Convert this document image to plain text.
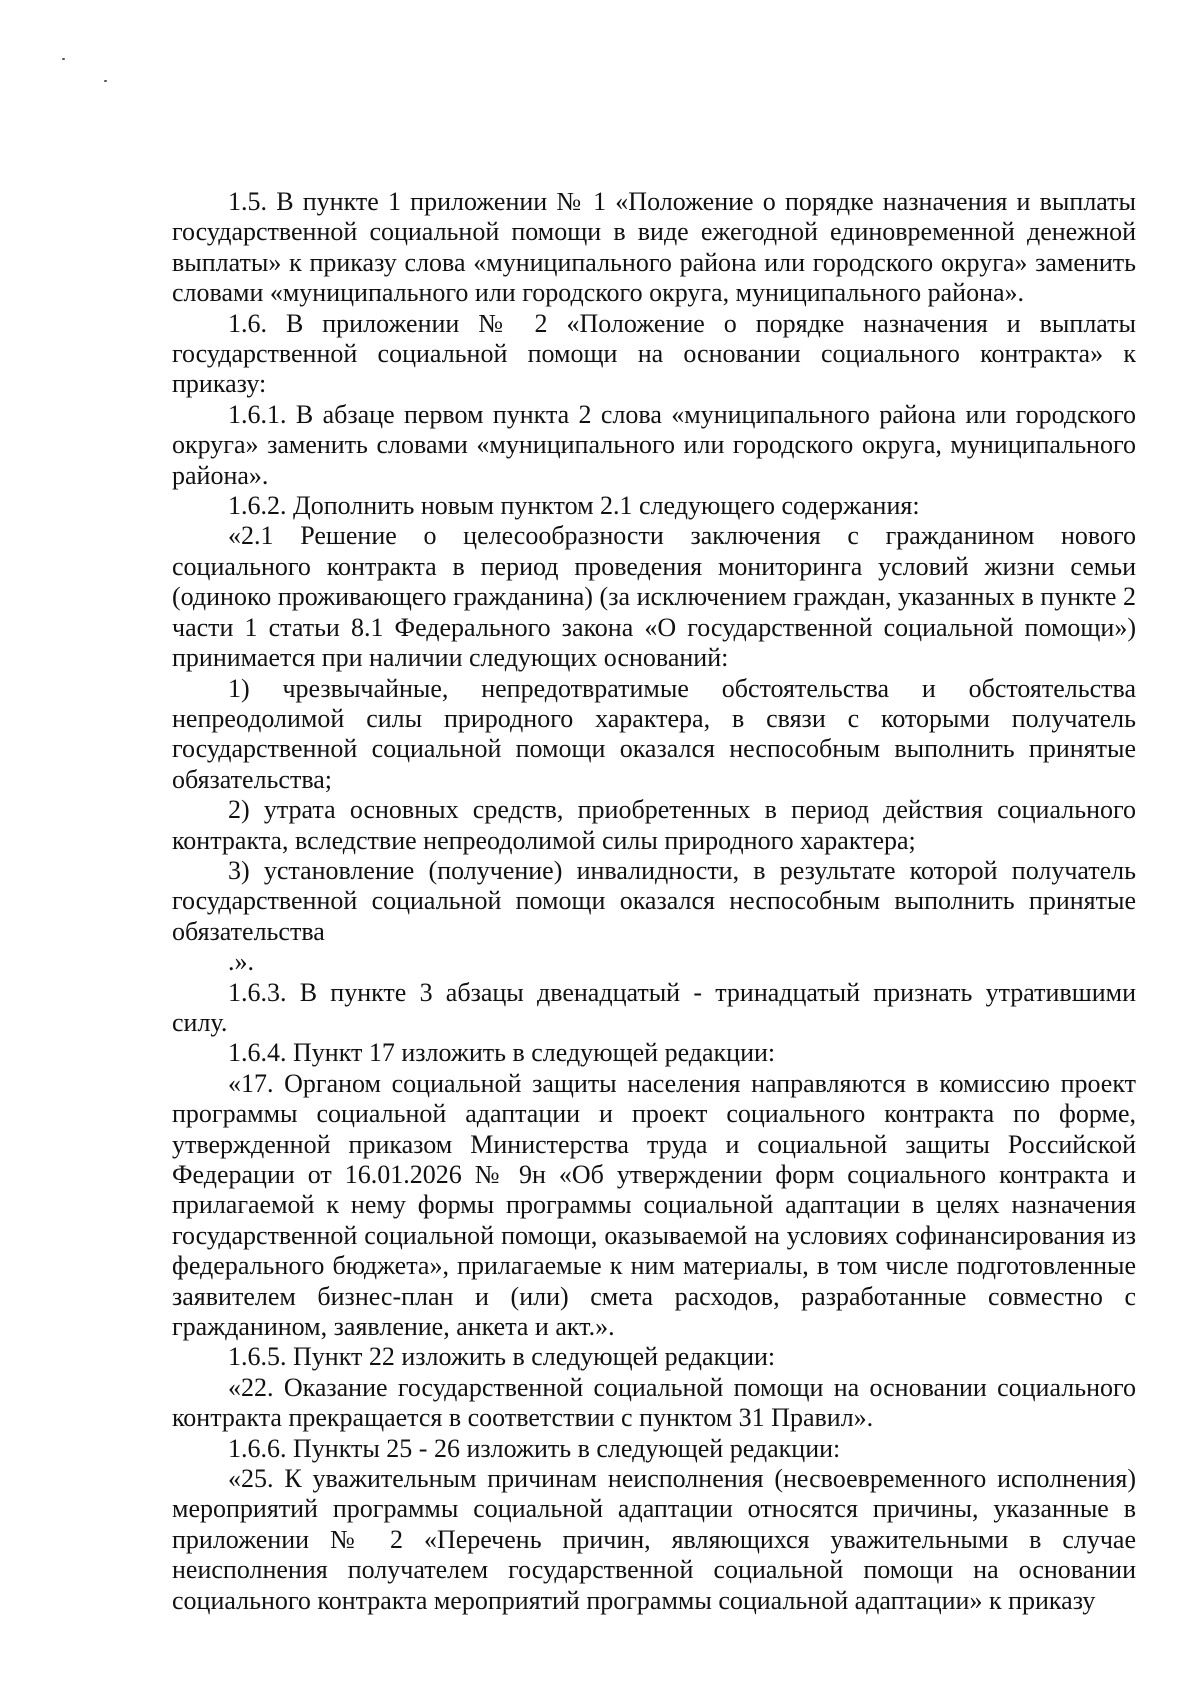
1.5. В пункте 1 приложении № 1 «Положение о порядке назначения и выплаты государственной социальной помощи в виде ежегодной единовременной денежной выплаты» к приказу слова «муниципального района или городского округа» заменить словами «муниципального или городского округа, муниципального района».

1.6. В приложении № 2 «Положение о порядке назначения и выплаты государственной социальной помощи на основании социального контракта» к приказу:

1.6.1. В абзаце первом пункта 2 слова «муниципального района или городского округа» заменить словами «муниципального или городского округа, муниципального района».

1.6.2. Дополнить новым пунктом 2.1 следующего содержания:

«2.1 Решение о целесообразности заключения с гражданином нового социального контракта в период проведения мониторинга условий жизни семьи (одиноко проживающего гражданина) (за исключением граждан, указанных в пункте 2 части 1 статьи 8.1 Федерального закона «О государственной социальной помощи») принимается при наличии следующих оснований:

1) чрезвычайные, непредотвратимые обстоятельства и обстоятельства непреодолимой силы природного характера, в связи с которыми получатель государственной социальной помощи оказался неспособным выполнить принятые обязательства;

2) утрата основных средств, приобретенных в период действия социального контракта, вследствие непреодолимой силы природного характера;

3) установление (получение) инвалидности, в результате которой получатель государственной социальной помощи оказался неспособным выполнить принятые обязательства

.».

1.6.3. В пункте 3 абзацы двенадцатый - тринадцатый признать утратившими силу.

1.6.4. Пункт 17 изложить в следующей редакции:

«17. Органом социальной защиты населения направляются в комиссию проект программы социальной адаптации и проект социального контракта по форме, утвержденной приказом Министерства труда и социальной защиты Российской Федерации от 16.01.2026 № 9н «Об утверждении форм социального контракта и прилагаемой к нему формы программы социальной адаптации в целях назначения государственной социальной помощи, оказываемой на условиях софинансирования из федерального бюджета», прилагаемые к ним материалы, в том числе подготовленные заявителем бизнес-план и (или) смета расходов, разработанные совместно с гражданином, заявление, анкета и акт.».

1.6.5. Пункт 22 изложить в следующей редакции:

«22. Оказание государственной социальной помощи на основании социального контракта прекращается в соответствии с пунктом 31 Правил».

1.6.6. Пункты 25 - 26 изложить в следующей редакции:

«25. К уважительным причинам неисполнения (несвоевременного исполнения) мероприятий программы социальной адаптации относятся причины, указанные в приложении № 2 «Перечень причин, являющихся уважительными в случае неисполнения получателем государственной социальной помощи на основании социального контракта мероприятий программы социальной адаптации» к приказу
